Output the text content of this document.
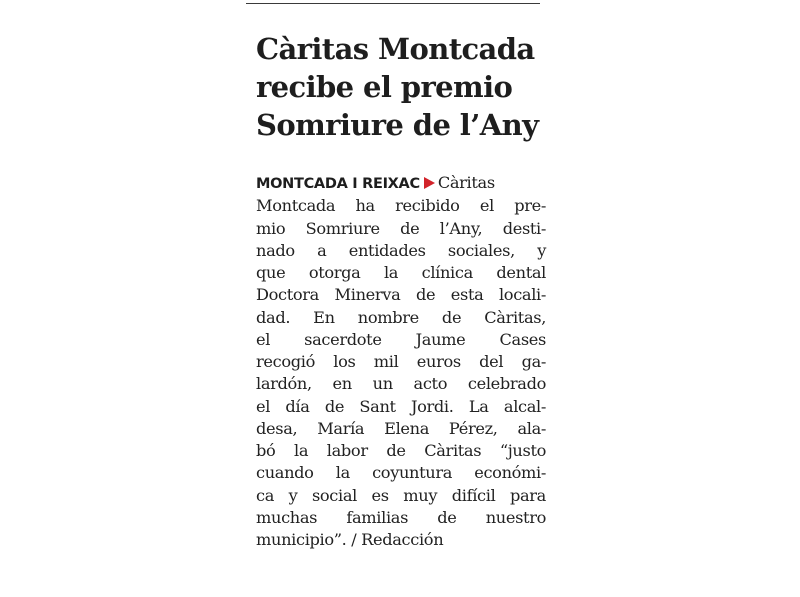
Càritas Montcada
recibe el premio
Somriure de l’Any
MONTCADA I REIXAC Càritas
Montcada ha recibido el pre-
mio Somriure de l’Any, desti-
nado a entidades sociales, y
que otorga la clínica dental
Doctora Minerva de esta locali-
dad. En nombre de Càritas,
el sacerdote Jaume Cases
recogió los mil euros del ga-
lardón, en un acto celebrado
el día de Sant Jordi. La alcal-
desa, María Elena Pérez, ala-
bó la labor de Càritas “justo
cuando la coyuntura económi-
ca y social es muy difícil para
muchas familias de nuestro
municipio”. / Redacción
